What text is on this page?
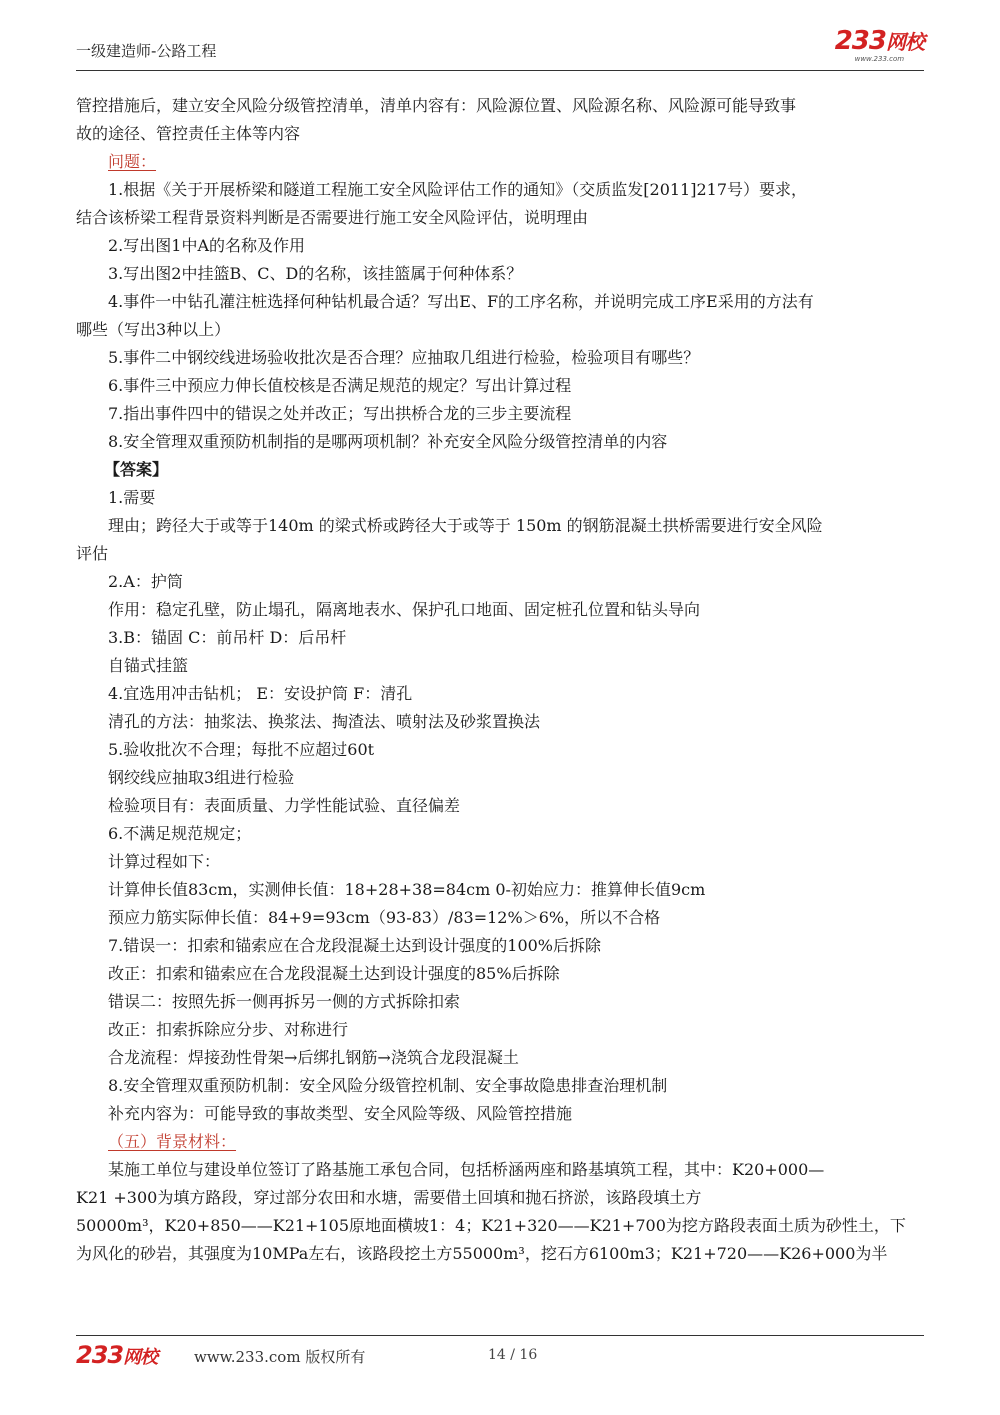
一级建造师-公路工程	233网校
www.233.com
管控措施后，建立安全风险分级管控清单，清单内容有：风险源位置、风险源名称、风险源可能导致事
故的途径、管控责任主体等内容
问题：
1.根据《关于开展桥梁和隧道工程施工安全风险评估工作的通知》（交质监发[2011]217号）要求，
结合该桥梁工程背景资料判断是否需要进行施工安全风险评估，说明理由
2.写出图1中A的名称及作用
3.写出图2中挂篮B、C、D的名称，该挂篮属于何种体系？
4.事件一中钻孔灌注桩选择何种钻机最合适？写出E、F的工序名称，并说明完成工序E采用的方法有
哪些（写出3种以上）
5.事件二中钢绞线进场验收批次是否合理？应抽取几组进行检验，检验项目有哪些？
6.事件三中预应力伸长值校核是否满足规范的规定？写出计算过程
7.指出事件四中的错误之处并改正；写出拱桥合龙的三步主要流程
8.安全管理双重预防机制指的是哪两项机制？补充安全风险分级管控清单的内容
【答案】
1.需要
理由；跨径大于或等于140m 的梁式桥或跨径大于或等于 150m 的钢筋混凝土拱桥需要进行安全风险
评估
2.A：护筒
作用：稳定孔壁，防止塌孔，隔离地表水、保护孔口地面、固定桩孔位置和钻头导向
3.B：锚固 C：前吊杆 D：后吊杆
自锚式挂篮
4.宜选用冲击钻机； E：安设护筒 F：清孔
清孔的方法：抽浆法、换浆法、掏渣法、喷射法及砂浆置换法
5.验收批次不合理；每批不应超过60t
钢绞线应抽取3组进行检验
检验项目有：表面质量、力学性能试验、直径偏差
6.不满足规范规定；
计算过程如下：
计算伸长值83cm，实测伸长值：18+28+38=84cm 0-初始应力：推算伸长值9cm
预应力筋实际伸长值：84+9=93cm（93-83）/83=12%＞6%，所以不合格
7.错误一：扣索和锚索应在合龙段混凝土达到设计强度的100%后拆除
改正：扣索和锚索应在合龙段混凝土达到设计强度的85%后拆除
错误二：按照先拆一侧再拆另一侧的方式拆除扣索
改正：扣索拆除应分步、对称进行
合龙流程：焊接劲性骨架→后绑扎钢筋→浇筑合龙段混凝土
8.安全管理双重预防机制：安全风险分级管控机制、安全事故隐患排查治理机制
补充内容为：可能导致的事故类型、安全风险等级、风险管控措施
（五）背景材料：
某施工单位与建设单位签订了路基施工承包合同，包括桥涵两座和路基填筑工程，其中：K20+000—
K21 +300为填方路段，穿过部分农田和水塘，需要借土回填和抛石挤淤，该路段填土方
50000m³，K20+850——K21+105原地面横坡1：4；K21+320——K21+700为挖方路段表面土质为砂性土，下
为风化的砂岩，其强度为10MPa左右，该路段挖土方55000m³，挖石方6100m3；K21+720——K26+000为半
233网校 www.233.com 版权所有	14 / 16
